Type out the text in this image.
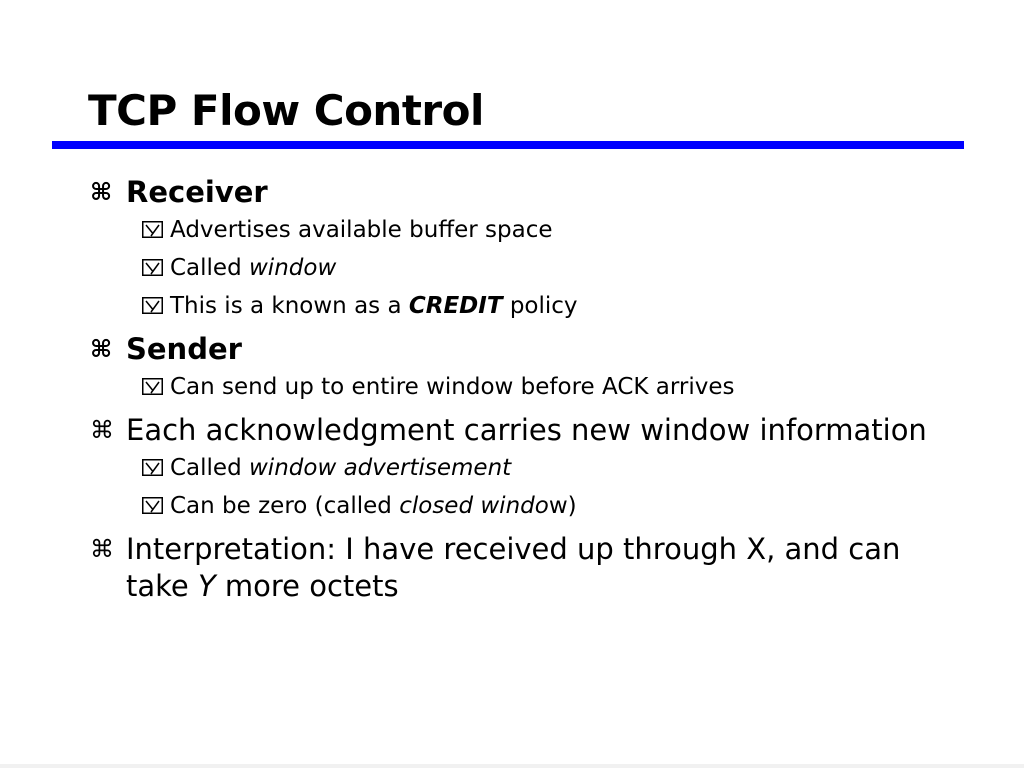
TCP Flow Control
⌘ Receiver
Advertises available buffer space
Called window
This is a known as a CREDIT policy
⌘ Sender
Can send up to entire window before ACK arrives
⌘ Each acknowledgment carries new window information
Called window advertisement
Can be zero (called closed window)
⌘ Interpretation: I have received up through X, and can take Y more octets
